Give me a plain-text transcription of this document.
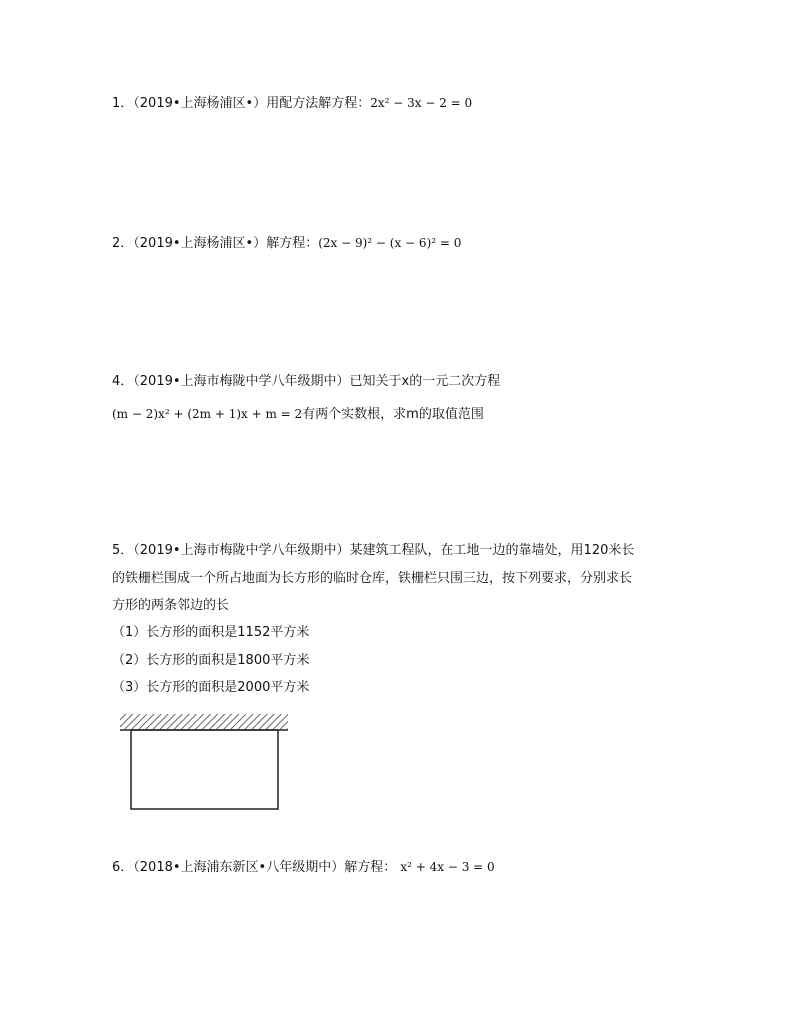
1．（2019•上海杨浦区•）用配方法解方程：2x² − 3x − 2 = 0
2．（2019•上海杨浦区•）解方程：(2x − 9)² − (x − 6)² = 0
4．（2019•上海市梅陇中学八年级期中）已知关于x的一元二次方程
(m − 2)x² + (2m + 1)x + m = 2有两个实数根，求m的取值范围
5．（2019•上海市梅陇中学八年级期中）某建筑工程队，在工地一边的靠墙处，用120米长
的铁栅栏围成一个所占地面为长方形的临时仓库，铁栅栏只围三边，按下列要求，分别求长
方形的两条邻边的长
（1）长方形的面积是1152平方米
（2）长方形的面积是1800平方米
（3）长方形的面积是2000平方米
6．（2018•上海浦东新区•八年级期中）解方程： x² + 4x − 3 = 0
